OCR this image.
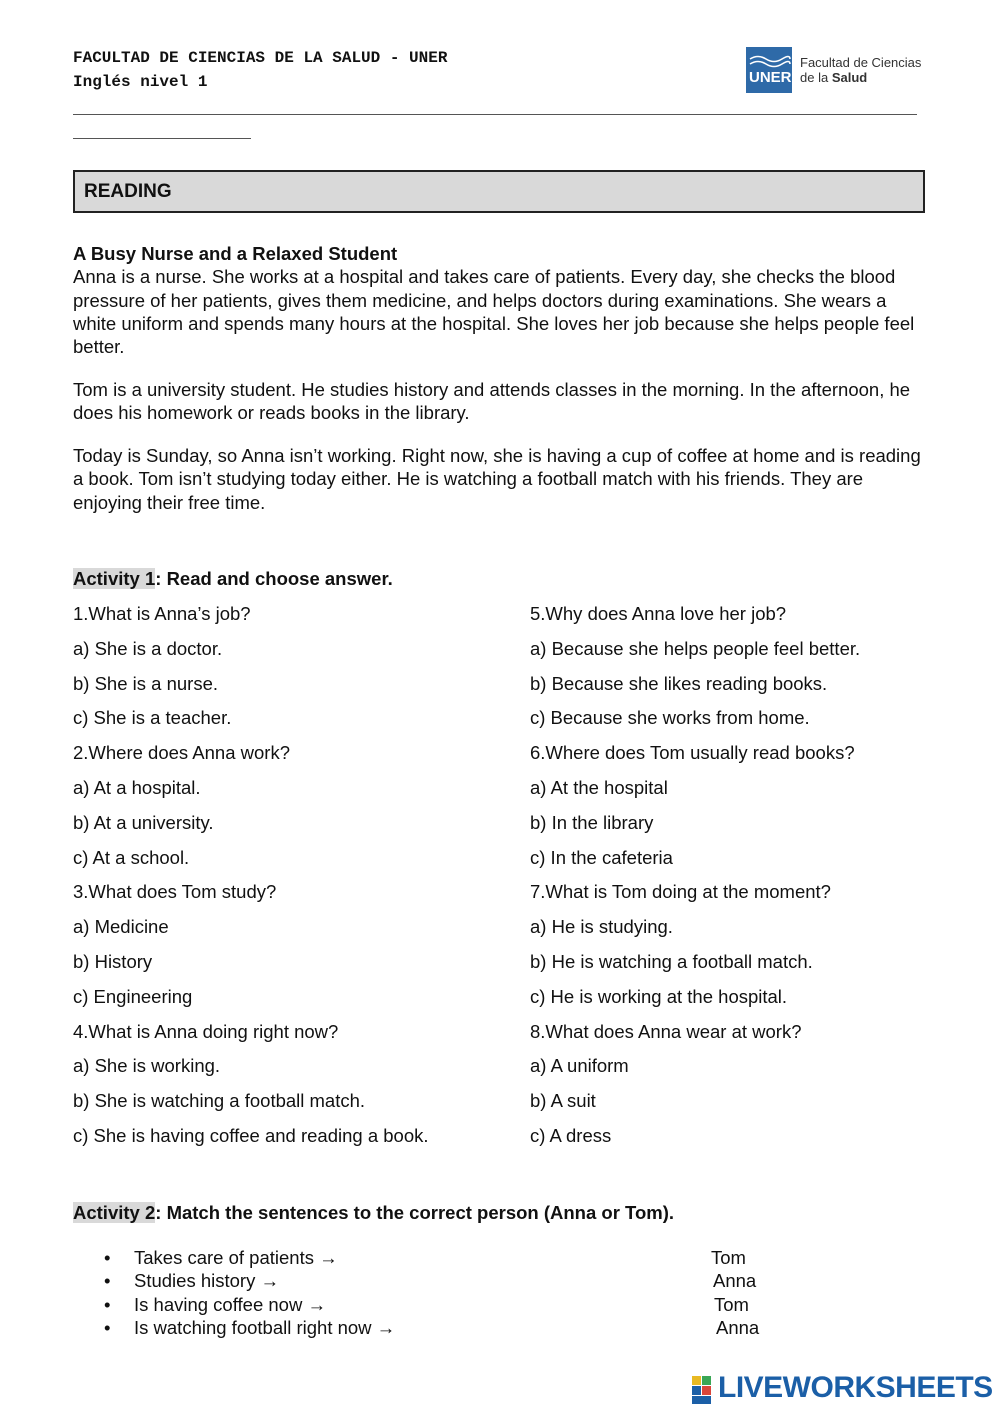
FACULTAD DE CIENCIAS DE LA SALUD - UNER
Inglés nivel 1	UNER
Facultad de Ciencias
de la Salud
READING
A Busy Nurse and a Relaxed Student
Anna is a nurse. She works at a hospital and takes care of patients. Every day, she checks the blood pressure of her patients, gives them medicine, and helps doctors during examinations. She wears a white uniform and spends many hours at the hospital. She loves her job because she helps people feel better.
Tom is a university student. He studies history and attends classes in the morning. In the afternoon, he does his homework or reads books in the library.
Today is Sunday, so Anna isn’t working. Right now, she is having a cup of coffee at home and is reading a book. Tom isn’t studying today either. He is watching a football match with his friends. They are enjoying their free time.
Activity 1: Read and choose answer.
1.What is Anna’s job?
a) She is a doctor.
b) She is a nurse.
c) She is a teacher.
2.Where does Anna work?
a) At a hospital.
b) At a university.
c) At a school.
3.What does Tom study?
a) Medicine
b) History
c) Engineering
4.What is Anna doing right now?
a) She is working.
b) She is watching a football match.
c) She is having coffee and reading a book.
5.Why does Anna love her job?
a) Because she helps people feel better.
b) Because she likes reading books.
c) Because she works from home.
6.Where does Tom usually read books?
a) At the hospital
b) In the library
c) In the cafeteria
7.What is Tom doing at the moment?
a) He is studying.
b) He is watching a football match.
c) He is working at the hospital.
8.What does Anna wear at work?
a) A uniform
b) A suit
c) A dress
Activity 2: Match the sentences to the correct person (Anna or Tom).
• Takes care of patients →	Tom
• Studies history →	Anna
• Is having coffee now →	Tom
• Is watching football right now →	Anna
LIVEWORKSHEETS
